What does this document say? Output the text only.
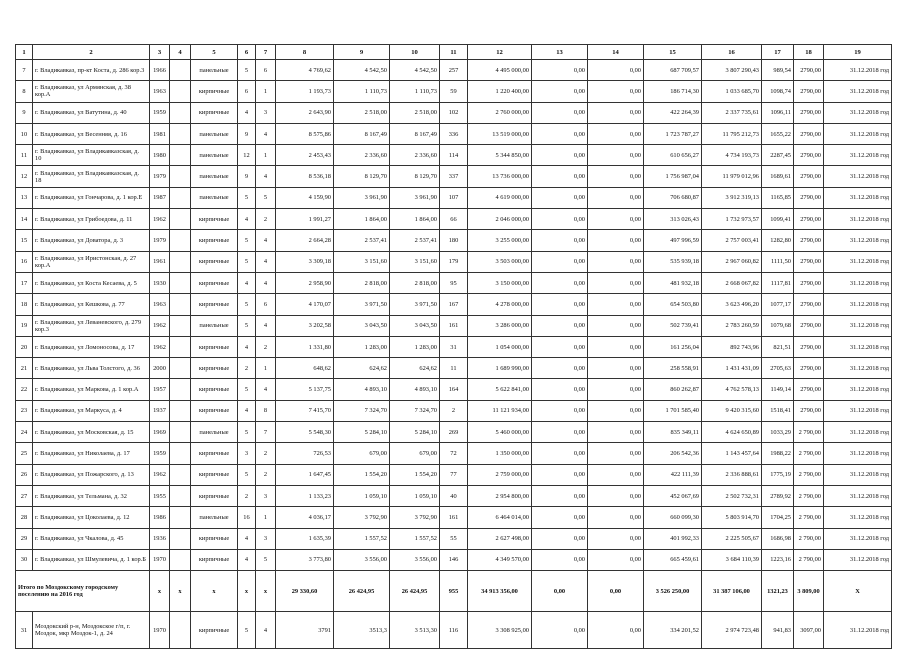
1	2	3	4	5	6	7	8	9	10	11	12	13	14	15	16	17	18	19
7	г. Владикавказ, пр-кт Коста, д. 286 кор.3	1966		панельные	5	6	4 769,62	4 542,50	4 542,50	257	4 495 000,00	0,00	0,00	687 709,57	3 807 290,43	989,54	2790,00	31.12.2018 год
8	г. Владикавказ, ул Армянская, д. 38 кор.А	1963		кирпичные	6	1	1 193,73	1 110,73	1 110,73	59	1 220 400,00	0,00	0,00	186 714,30	1 033 685,70	1098,74	2790,00	31.12.2018 год
9	г. Владикавказ, ул Ватутина, д. 40	1959		кирпичные	4	3	2 643,90	2 518,00	2 518,00	102	2 760 000,00	0,00	0,00	422 264,39	2 337 735,61	1096,11	2790,00	31.12.2018 год
10	г. Владикавказ, ул Весенняя, д. 16	1981		панельные	9	4	8 575,86	8 167,49	8 167,49	336	13 519 000,00	0,00	0,00	1 723 787,27	11 795 212,73	1655,22	2790,00	31.12.2018 год
11	г. Владикавказ, ул Владикавказская, д. 10	1980		панельные	12	1	2 453,43	2 336,60	2 336,60	114	5 344 850,00	0,00	0,00	610 656,27	4 734 193,73	2287,45	2790,00	31.12.2018 год
12	г. Владикавказ, ул Владикавказская, д. 18	1979		панельные	9	4	8 536,18	8 129,70	8 129,70	337	13 736 000,00	0,00	0,00	1 756 987,04	11 979 012,96	1689,61	2790,00	31.12.2018 год
13	г. Владикавказ, ул Гончарова, д. 1 кор.Е	1987		панельные	5	5	4 159,90	3 961,90	3 961,90	107	4 619 000,00	0,00	0,00	706 680,87	3 912 319,13	1165,85	2790,00	31.12.2018 год
14	г. Владикавказ, ул Грибоедова, д. 11	1962		кирпичные	4	2	1 991,27	1 864,00	1 864,00	66	2 046 000,00	0,00	0,00	313 026,43	1 732 973,57	1099,41	2790,00	31.12.2018 год
15	г. Владикавказ, ул Доватора, д. 3	1979		кирпичные	5	4	2 664,28	2 537,41	2 537,41	180	3 255 000,00	0,00	0,00	497 996,59	2 757 003,41	1282,80	2790,00	31.12.2018 год
16	г. Владикавказ, ул Иристонская, д. 27 кор.А	1961		кирпичные	5	4	3 309,18	3 151,60	3 151,60	179	3 503 000,00	0,00	0,00	535 939,18	2 967 060,82	1111,50	2790,00	31.12.2018 год
17	г. Владикавказ, ул Коста Кесаева, д. 5	1930		кирпичные	4	4	2 958,90	2 818,00	2 818,00	95	3 150 000,00	0,00	0,00	481 932,18	2 668 067,82	1117,81	2790,00	31.12.2018 год
18	г. Владикавказ, ул Кешкова, д. 77	1963		кирпичные	5	6	4 170,07	3 971,50	3 971,50	167	4 278 000,00	0,00	0,00	654 503,80	3 623 496,20	1077,17	2790,00	31.12.2018 год
19	г. Владикавказ, ул Леваневского, д. 279 кор.3	1962		панельные	5	4	3 202,58	3 043,50	3 043,50	161	3 286 000,00	0,00	0,00	502 739,41	2 783 260,59	1079,68	2790,00	31.12.2018 год
20	г. Владикавказ, ул Ломоносова, д. 17	1962		кирпичные	4	2	1 331,80	1 283,00	1 283,00	31	1 054 000,00	0,00	0,00	161 256,04	892 743,96	821,51	2790,00	31.12.2018 год
21	г. Владикавказ, ул Льва Толстого, д. 36	2000		кирпичные	2	1	648,62	624,62	624,62	11	1 689 990,00	0,00	0,00	258 558,91	1 431 431,09	2705,63	2790,00	31.12.2018 год
22	г. Владикавказ, ул Маркова, д. 1 кор.А	1957		кирпичные	5	4	5 137,75	4 893,10	4 893,10	164	5 622 841,00	0,00	0,00	860 262,87	4 762 578,13	1149,14	2790,00	31.12.2018 год
23	г. Владикавказ, ул Маркуса, д. 4	1937		кирпичные	4	8	7 415,70	7 324,70	7 324,70	2	11 121 934,00	0,00	0,00	1 701 585,40	9 420 315,60	1518,41	2790,00	31.12.2018 год
24	г. Владикавказ, ул Московская, д. 15	1969		панельные	5	7	5 548,30	5 284,10	5 284,10	269	5 460 000,00	0,00	0,00	835 349,11	4 624 650,89	1033,29	2 790,00	31.12.2018 год
25	г. Владикавказ, ул Николаева, д. 17	1959		кирпичные	3	2	726,53	679,00	679,00	72	1 350 000,00	0,00	0,00	206 542,36	1 143 457,64	1988,22	2 790,00	31.12.2018 год
26	г. Владикавказ, ул Пожарского, д. 13	1962		кирпичные	5	2	1 647,45	1 554,20	1 554,20	77	2 759 000,00	0,00	0,00	422 111,39	2 336 888,61	1775,19	2 790,00	31.12.2018 год
27	г. Владикавказ, ул Тельмана, д. 32	1955		кирпичные	2	3	1 133,23	1 059,10	1 059,10	40	2 954 800,00	0,00	0,00	452 067,69	2 502 732,31	2789,92	2 790,00	31.12.2018 год
28	г. Владикавказ, ул Цоколаева, д. 12	1986		панельные	16	1	4 036,17	3 792,90	3 792,90	161	6 464 014,00	0,00	0,00	660 099,30	5 803 914,70	1704,25	2 790,00	31.12.2018 год
29	г. Владикавказ, ул Чкалова, д. 45	1936		кирпичные	4	3	1 635,39	1 557,52	1 557,52	55	2 627 498,00	0,00	0,00	401 992,33	2 225 505,67	1686,98	2 790,00	31.12.2018 год
30	г. Владикавказ, ул Шмулевича, д. 1 кор.Б	1970		кирпичные	4	5	3 773,80	3 556,00	3 556,00	146	4 349 570,00	0,00	0,00	665 459,61	3 684 110,39	1223,16	2 790,00	31.12.2018 год
Итого по Моздокскому городскому поселению на 2016 год		x	x	x	x	x	29 330,60	26 424,95	26 424,95	955	34 913 356,00	0,00	0,00	3 526 250,00	31 387 106,00	1321,23	3 809,00	X
31	Моздокский р-н, Моздокское г/п, г. Моздок, мкр Моздок-1, д. 24	1970		кирпичные	5	4	3791	3513,3	3 513,30	116	3 308 925,00	0,00	0,00	334 201,52	2 974 723,48	941,83	3097,00	31.12.2018 год
